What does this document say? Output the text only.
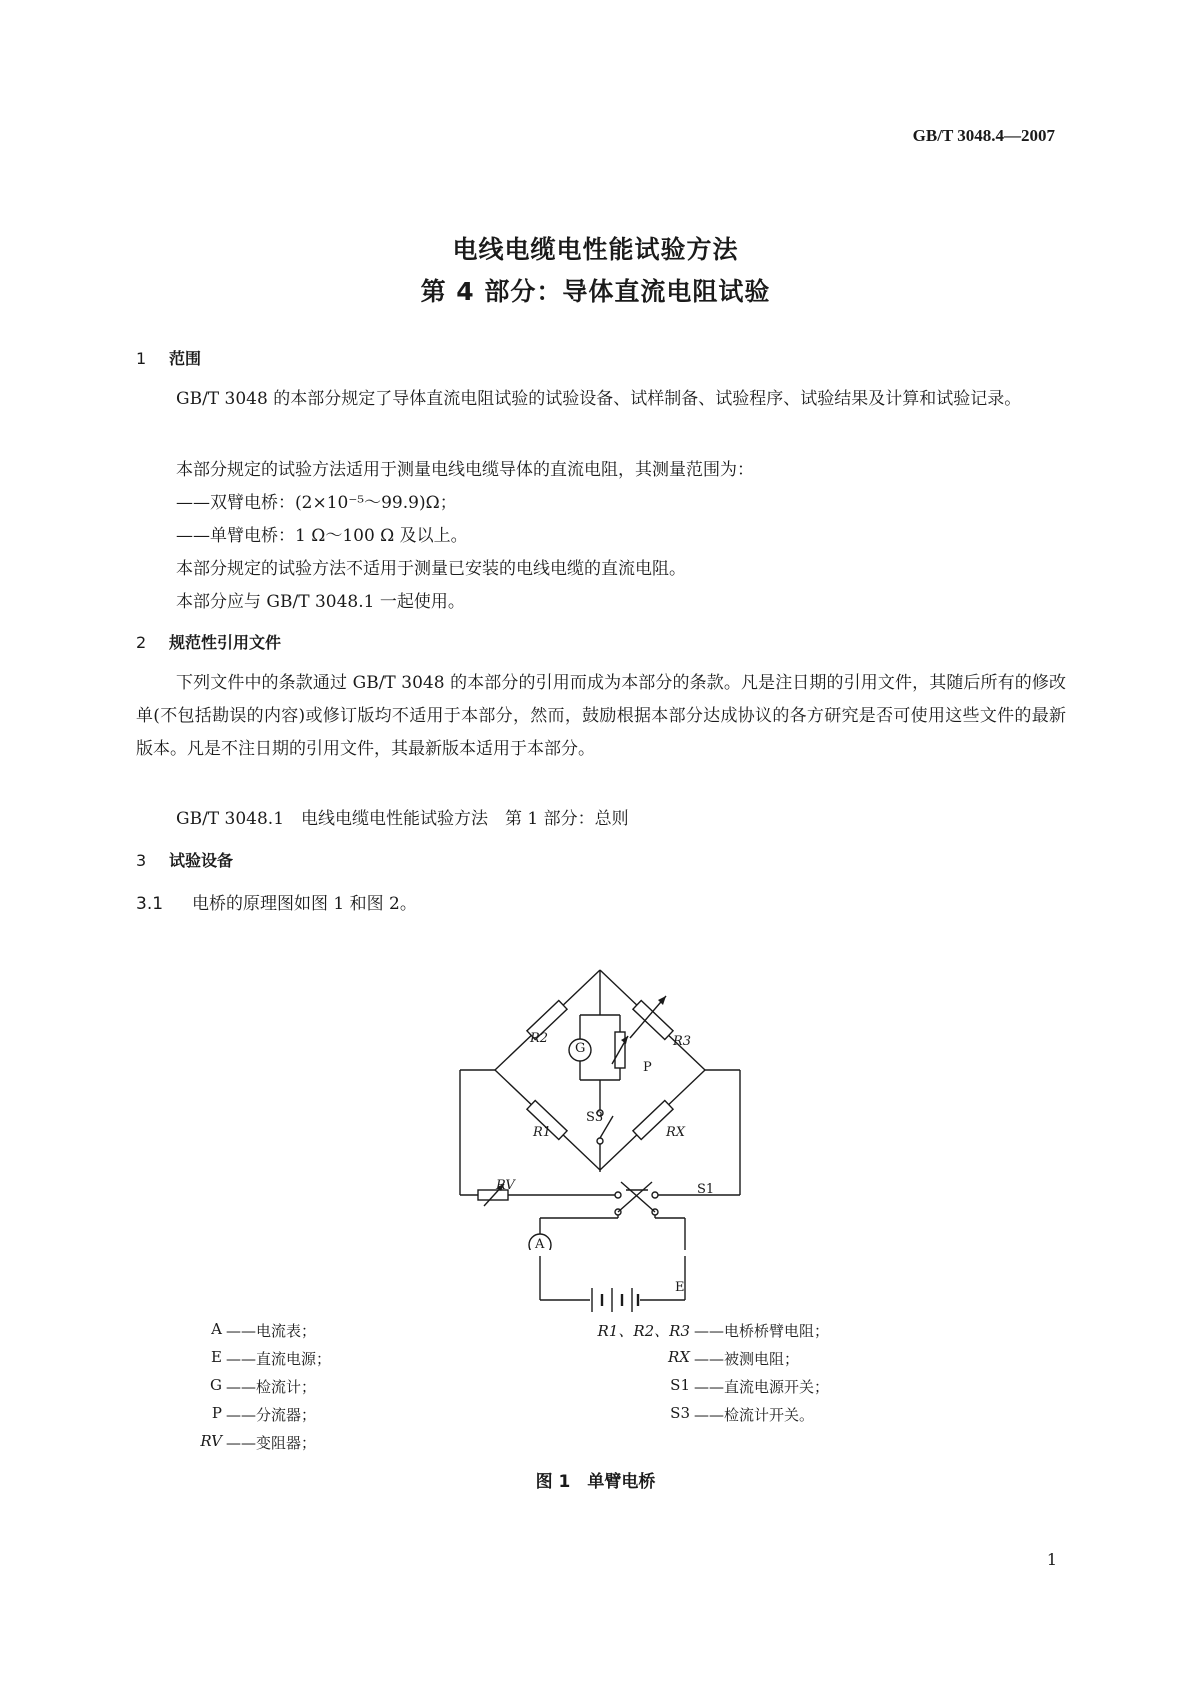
GB/T 3048.4—2007
电线电缆电性能试验方法
第 4 部分：导体直流电阻试验
1 范围
GB/T 3048 的本部分规定了导体直流电阻试验的试验设备、试样制备、试验程序、试验结果及计算和试验记录。
本部分规定的试验方法适用于测量电线电缆导体的直流电阻，其测量范围为：
——双臂电桥：(2×10⁻⁵～99.9)Ω；
——单臂电桥：1 Ω～100 Ω 及以上。
本部分规定的试验方法不适用于测量已安装的电线电缆的直流电阻。
本部分应与 GB/T 3048.1 一起使用。
2 规范性引用文件
下列文件中的条款通过 GB/T 3048 的本部分的引用而成为本部分的条款。凡是注日期的引用文件，其随后所有的修改单(不包括勘误的内容)或修订版均不适用于本部分，然而，鼓励根据本部分达成协议的各方研究是否可使用这些文件的最新版本。凡是不注日期的引用文件，其最新版本适用于本部分。
GB/T 3048.1　电线电缆电性能试验方法　第 1 部分：总则
3 试验设备
3.1 电桥的原理图如图 1 和图 2。
R2	R3
G
P
S3
R1	RX
RV	S1
A
E
A ——电流表；
E ——直流电源；
G ——检流计；
P ——分流器；
RV ——变阻器；
R1、R2、R3 ——电桥桥臂电阻；
RX ——被测电阻；
S1 ——直流电源开关；
S3 ——检流计开关。
图 1　单臂电桥
1
